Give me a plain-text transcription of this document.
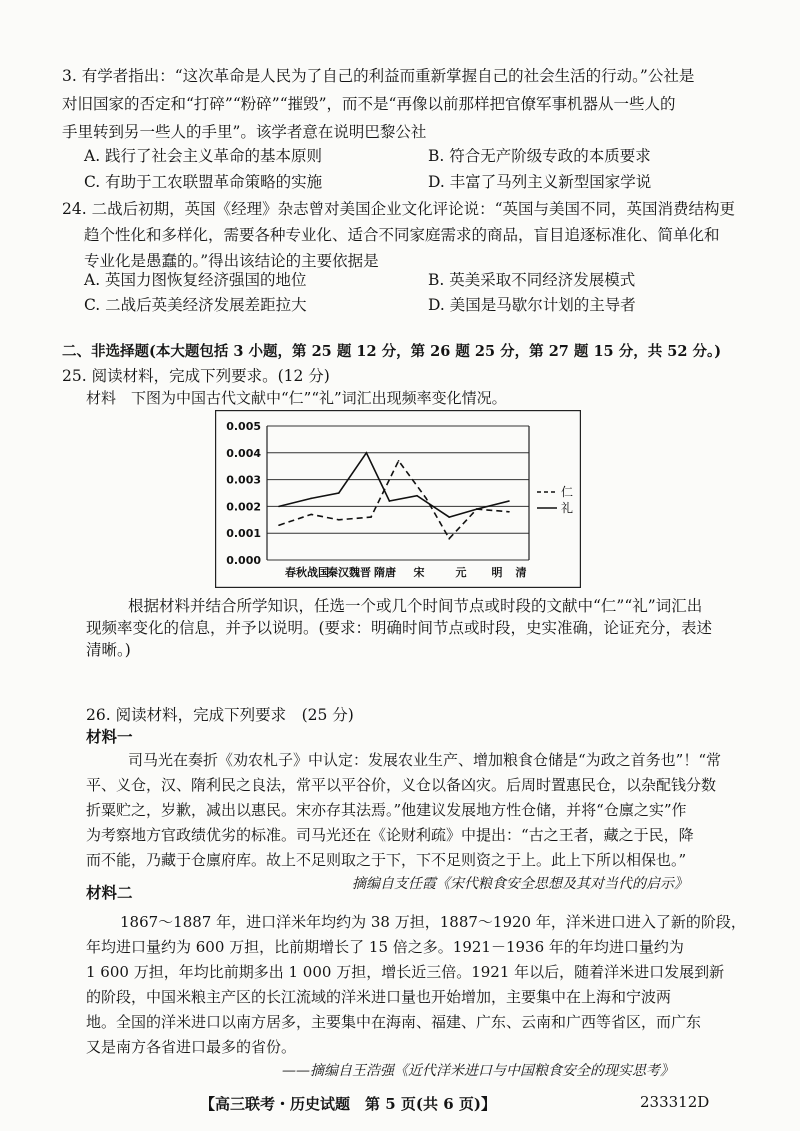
3. 有学者指出：“这次革命是人民为了自己的利益而重新掌握自己的社会生活的行动。”公社是
对旧国家的否定和“打碎”“粉碎”“摧毁”，而不是“再像以前那样把官僚军事机器从一些人的
手里转到另一些人的手里”。该学者意在说明巴黎公社
A. 践行了社会主义革命的基本原则	B. 符合无产阶级专政的本质要求
C. 有助于工农联盟革命策略的实施	D. 丰富了马列主义新型国家学说
24. 二战后初期，英国《经理》杂志曾对美国企业文化评论说：“英国与美国不同，英国消费结构更
趋个性化和多样化，需要各种专业化、适合不同家庭需求的商品，盲目追逐标准化、简单化和
专业化是愚蠢的。”得出该结论的主要依据是
A. 英国力图恢复经济强国的地位	B. 英美采取不同经济发展模式
C. 二战后英美经济发展差距拉大	D. 美国是马歇尔计划的主导者
二、非选择题(本大题包括 3 小题，第 25 题 12 分，第 26 题 25 分，第 27 题 15 分，共 52 分。)
25. 阅读材料，完成下列要求。(12 分)
材料　下图为中国古代文献中“仁”“礼”词汇出现频率变化情况。
0.005
0.004
0.003
0.002
0.001
0.000
春秋战国
秦汉魏晋 隋唐 宋	元 明 清
仁
礼
根据材料并结合所学知识，任选一个或几个时间节点或时段的文献中“仁”“礼”词汇出
现频率变化的信息，并予以说明。(要求：明确时间节点或时段，史实准确，论证充分，表述
清晰。)
26. 阅读材料，完成下列要求　(25 分)
材料一
司马光在奏折《劝农札子》中认定：发展农业生产、增加粮食仓储是“为政之首务也”！“常
平、义仓，汉、隋利民之良法，常平以平谷价，义仓以备凶灾。后周时置惠民仓，以杂配钱分数
折粟贮之，岁歉，减出以惠民。宋亦存其法焉。”他建议发展地方性仓储，并将“仓廪之实”作
为考察地方官政绩优劣的标准。司马光还在《论财利疏》中提出：“古之王者，藏之于民，降
而不能，乃藏于仓廪府库。故上不足则取之于下，下不足则资之于上。此上下所以相保也。”
摘编自支任霞《宋代粮食安全思想及其对当代的启示》
材料二
1867～1887 年，进口洋米年均约为 38 万担，1887～1920 年，洋米进口进入了新的阶段，
年均进口量约为 600 万担，比前期增长了 15 倍之多。1921－1936 年的年均进口量约为
1 600 万担，年均比前期多出 1 000 万担，增长近三倍。1921 年以后，随着洋米进口发展到新
的阶段，中国米粮主产区的长江流域的洋米进口量也开始增加，主要集中在上海和宁波两
地。全国的洋米进口以南方居多，主要集中在海南、福建、广东、云南和广西等省区，而广东
又是南方各省进口最多的省份。
——摘编自王浩强《近代洋米进口与中国粮食安全的现实思考》
【高三联考・历史试题　第 5 页(共 6 页)】	233312D
